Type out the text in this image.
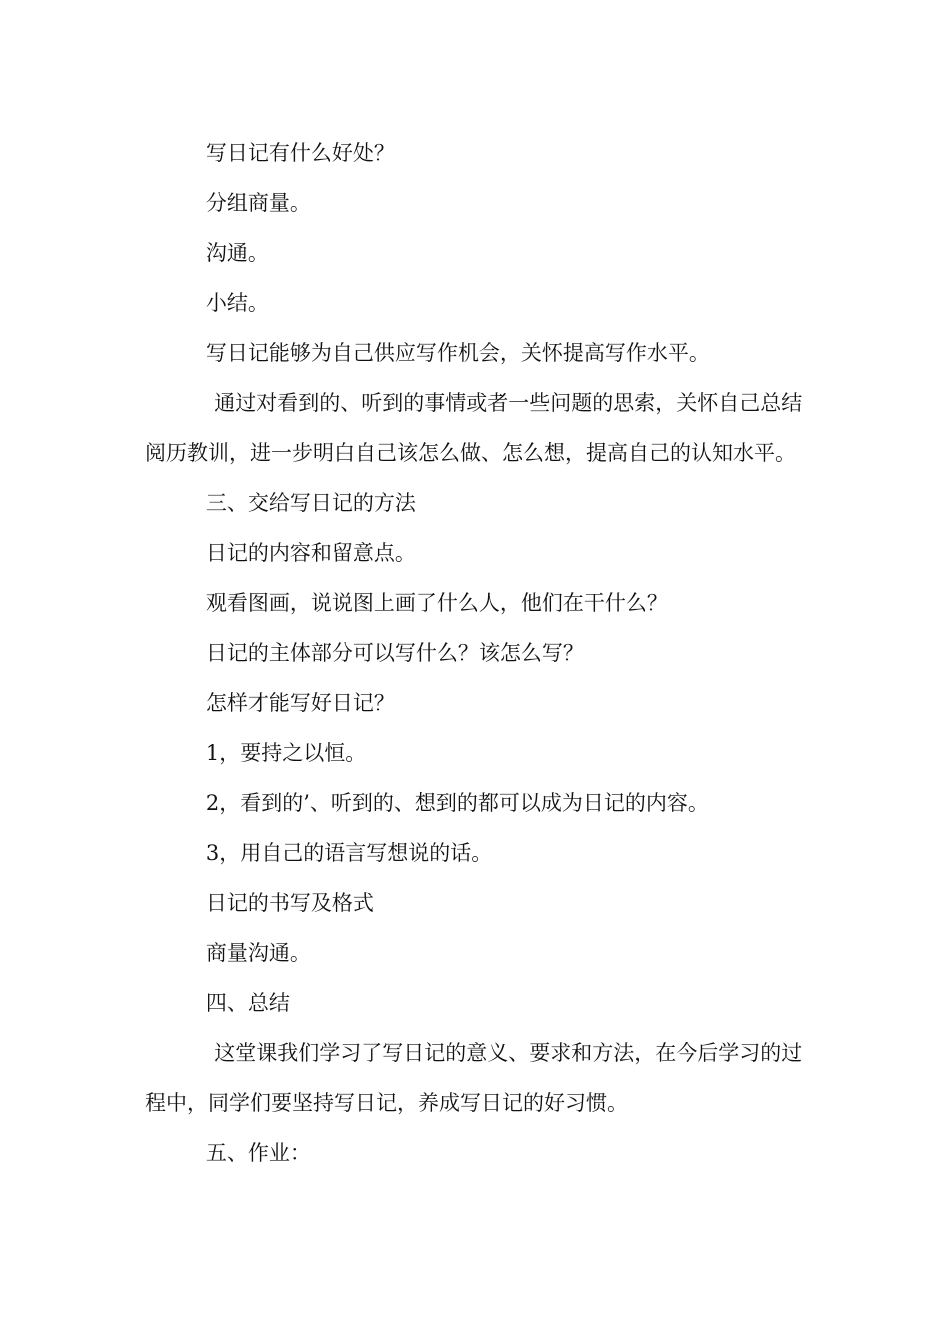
写日记有什么好处？

分组商量。

沟通。

小结。

写日记能够为自己供应写作机会，关怀提高写作水平。

通过对看到的、听到的事情或者一些问题的思索，关怀自己总结阅历教训，进一步明白自己该怎么做、怎么想，提高自己的认知水平。

三、交给写日记的方法

日记的内容和留意点。

观看图画，说说图上画了什么人，他们在干什么？

日记的主体部分可以写什么？该怎么写？

怎样才能写好日记？

1，要持之以恒。

2，看到的’、听到的、想到的都可以成为日记的内容。

3，用自己的语言写想说的话。

日记的书写及格式

商量沟通。

四、总结

这堂课我们学习了写日记的意义、要求和方法，在今后学习的过程中，同学们要坚持写日记，养成写日记的好习惯。

五、作业：
